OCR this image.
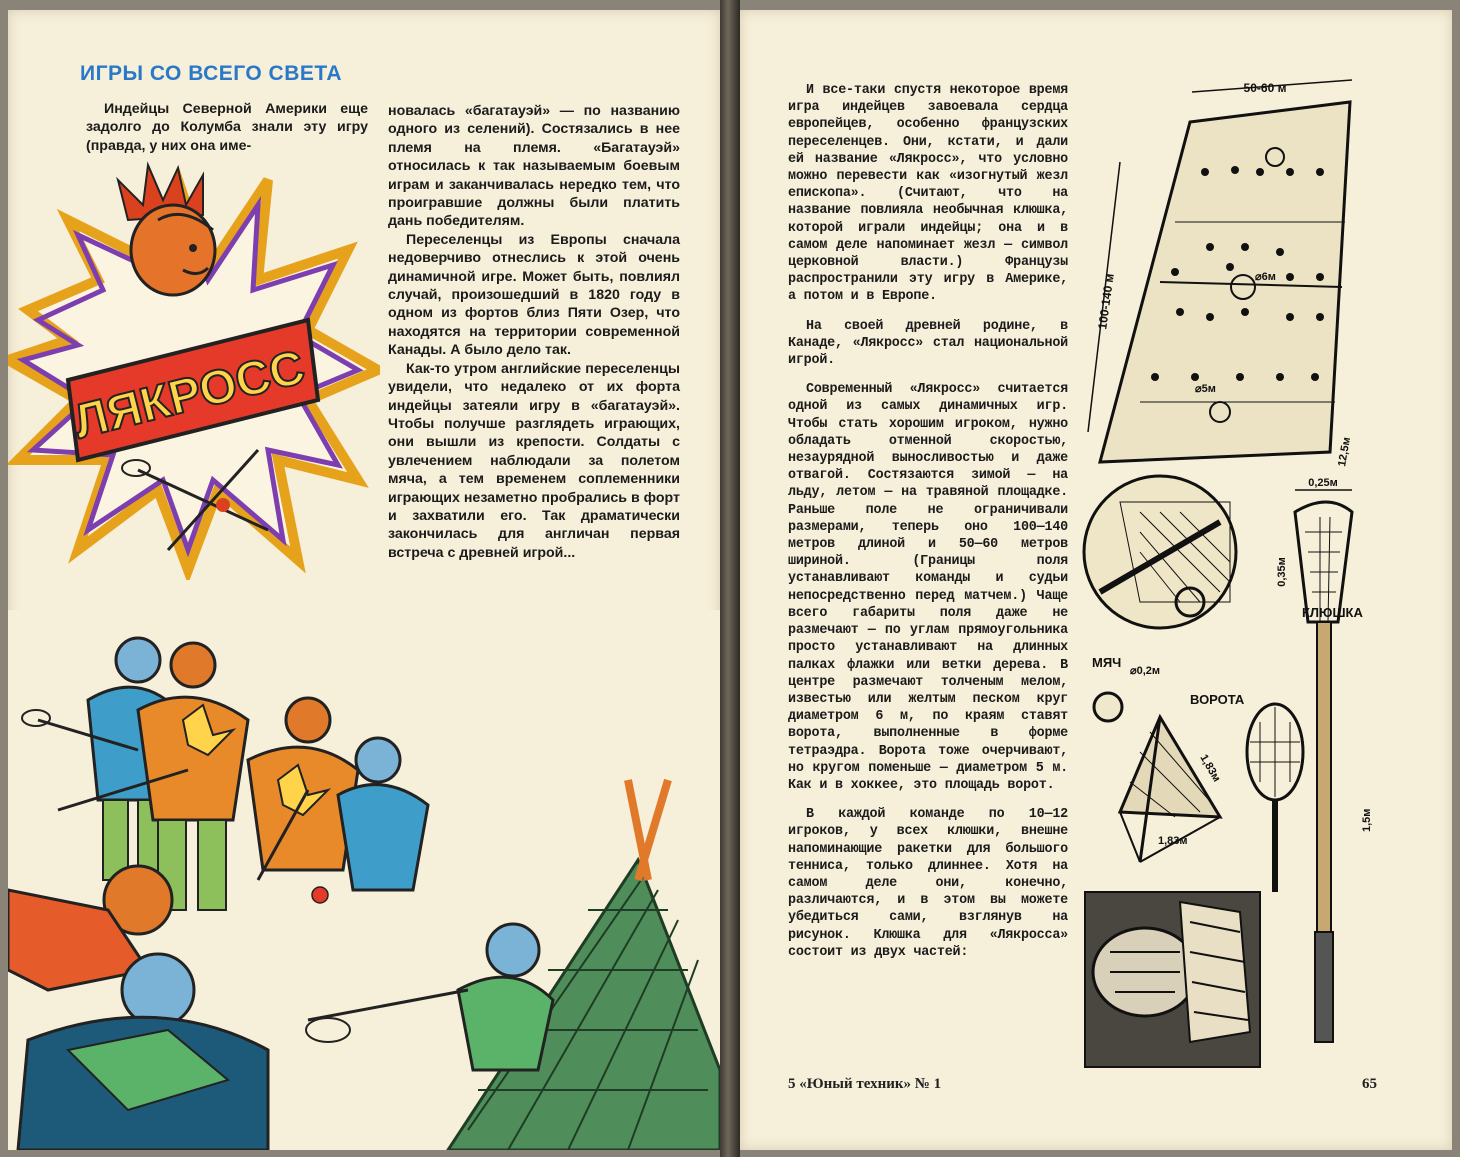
ИГРЫ СО ВСЕГО СВЕТА

Индейцы Северной Америки еще задолго до Колумба знали эту игру (правда, у них она име-

новалась «багатауэй» — по названию одного из селений). Состязались в нее племя на племя. «Багатауэй» относилась к так называемым боевым играм и заканчивалась нередко тем, что проигравшие должны были платить дань победителям.

Переселенцы из Европы сначала недоверчиво отнеслись к этой очень динамичной игре. Может быть, повлиял случай, произошедший в 1820 году в одном из фортов близ Пяти Озер, что находятся на территории современной Канады. А было дело так.

Как-то утром английские переселенцы увидели, что недалеко от их форта индейцы затеяли игру в «багатауэй». Чтобы получше разглядеть играющих, они вышли из крепости. Солдаты с увлечением наблюдали за полетом мяча, а тем временем соплеменники играющих незаметно пробрались в форт и захватили его. Так драматически закончилась для англичан первая встреча с древней игрой...

ЛЯКРОСС

И все-таки спустя некоторое время игра индейцев завоевала сердца европейцев, особенно французских переселенцев. Они, кстати, и дали ей название «Лякросс», что условно можно перевести как «изогнутый жезл епископа». (Считают, что на название повлияла необычная клюшка, которой играли индейцы; она и в самом деле напоминает жезл — символ церковной власти.) Французы распространили эту игру в Америке, а потом и в Европе.

На своей древней родине, в Канаде, «Лякросс» стал национальной игрой.

Современный «Лякросс» считается одной из самых динамичных игр. Чтобы стать хорошим игроком, нужно обладать отменной скоростью, незаурядной выносливостью и даже отвагой. Состязаются зимой — на льду, летом — на травяной площадке. Раньше поле не ограничивали размерами, теперь оно 100—140 метров длиной и 50—60 метров шириной. (Границы поля устанавливают команды и судьи непосредственно перед матчем.) Чаще всего габариты поля даже не размечают — по углам прямоугольника просто устанавливают на длинных палках флажки или ветки дерева. В центре размечают толченым мелом, известью или желтым песком круг диаметром 6 м, по краям ставят ворота, выполненные в форме тетраэдра. Ворота тоже очерчивают, но кругом поменьше — диаметром 5 м. Как и в хоккее, это площадь ворот.

В каждой команде по 10—12 игроков, у всех клюшки, внешне напоминающие ракетки для большого тенниса, только длиннее. Хотя на самом деле они, конечно, различаются, и в этом вы можете убедиться сами, взглянув на рисунок. Клюшка для «Лякросса» состоит из двух частей:

50-60 м
100-140 м	⌀6м
⌀5м
12,5м
0,25м
0,35м
КЛЮШКА
МЯЧ
⌀0,2м
ВОРОТА
1,83м
1,83м
1,5м
5 «Юный техник» № 1	65
